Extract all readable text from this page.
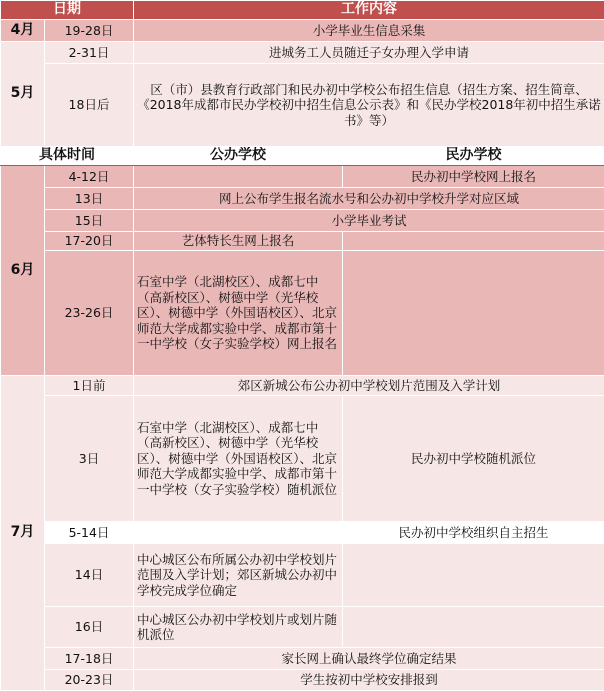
日期		工作内容	
4月	19-28日	小学毕业生信息采集	
5月	2-31日	进城务工人员随迁子女办理入学申请	
	18日后	区（市）县教育行政部门和民办初中学校公布招生信息（招生方案、招生简章、《2018年成都市民办学校初中招生信息公示表》和《民办学校2018年初中招生承诺书》等）	
具体时间		公办学校	民办学校
6月	4-12日		民办初中学校网上报名
	13日	网上公布学生报名流水号和公办初中学校升学对应区域	
	15日	小学毕业考试	
	17-20日	艺体特长生网上报名	
	23-26日	石室中学（北湖校区）、成都七中（高新校区）、树德中学（光华校区）、树德中学（外国语校区）、北京师范大学成都实验中学、成都市第十一中学校（女子实验学校）网上报名	
7月	1日前	郊区新城公布公办初中学校划片范围及入学计划	
	3日	石室中学（北湖校区）、成都七中（高新校区）、树德中学（光华校区）、树德中学（外国语校区）、北京师范大学成都实验中学、成都市第十一中学校（女子实验学校）随机派位	民办初中学校随机派位
	5-14日		民办初中学校组织自主招生
	14日	中心城区公布所属公办初中学校划片范围及入学计划；郊区新城公办初中学校完成学位确定	
	16日	中心城区公办初中学校划片或划片随机派位	
	17-18日	家长网上确认最终学位确定结果	
	20-23日	学生按初中学校安排报到	
